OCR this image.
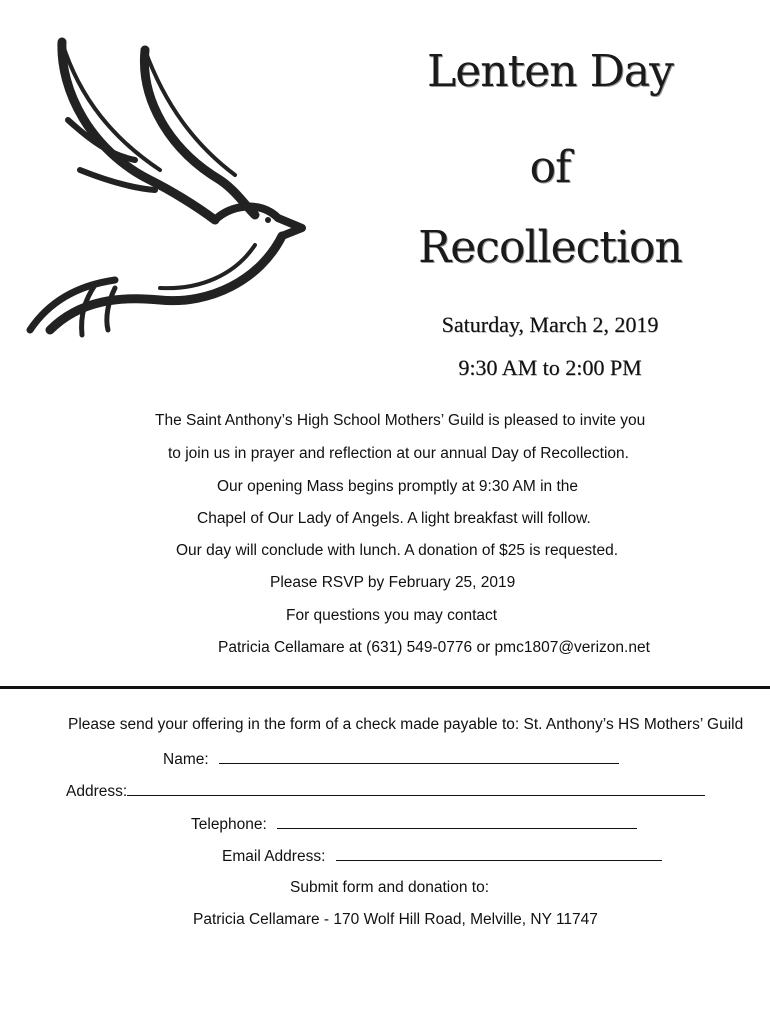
Lenten Day
of
Recollection
Saturday, March 2, 2019
9:30 AM to 2:00 PM
The Saint Anthony’s High School Mothers’ Guild is pleased to invite you
to join us in prayer and reflection at our annual Day of Recollection.
Our opening Mass begins promptly at 9:30 AM in the
Chapel of Our Lady of Angels. A light breakfast will follow.
Our day will conclude with lunch. A donation of $25 is requested.
Please RSVP by February 25, 2019
For questions you may contact
Patricia Cellamare at (631) 549-0776 or pmc1807@verizon.net
Please send your offering in the form of a check made payable to: St. Anthony’s HS Mothers’ Guild
Name:
Address:
Telephone:
Email Address:
Submit form and donation to:
Patricia Cellamare - 170 Wolf Hill Road, Melville, NY 11747
